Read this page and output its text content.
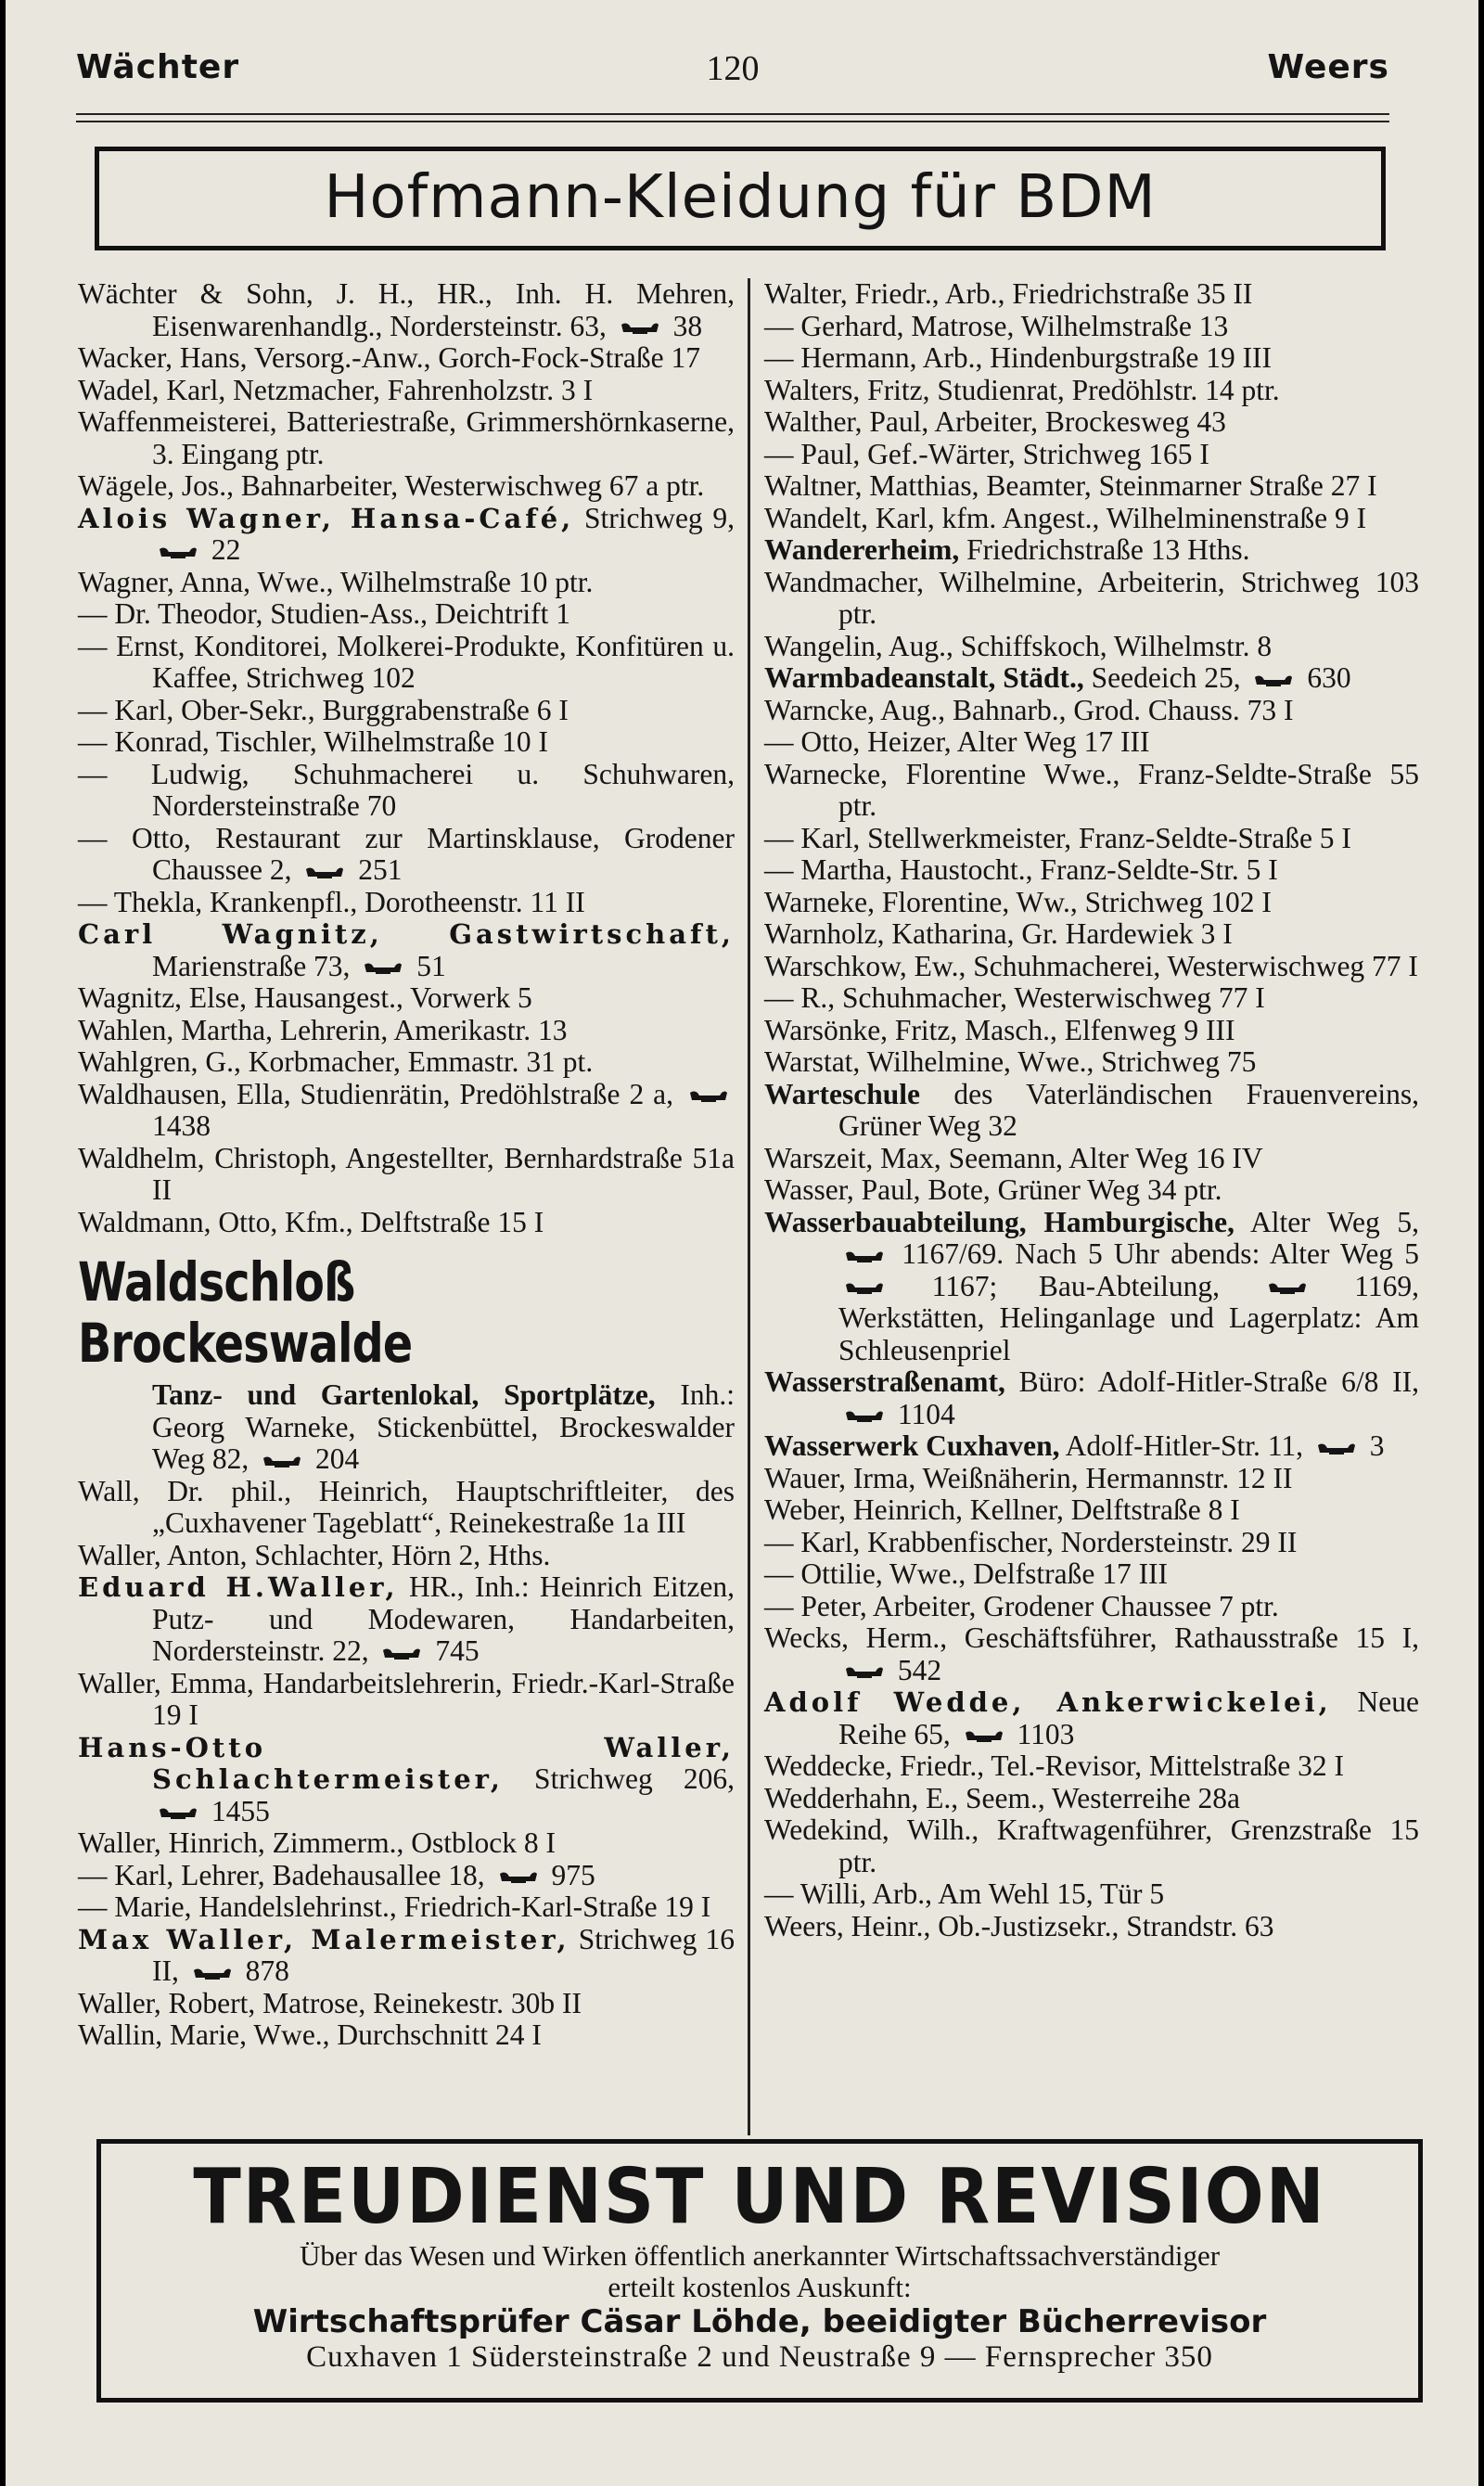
Wächter	120	Weers
Hofmann-Kleidung für BDM
Wächter & Sohn, J. H., HR., Inh. H. Mehren, Eisenwarenhandlg., Nordersteinstr. 63,  38
Wacker, Hans, Versorg.-Anw., Gorch-Fock-Straße 17
Wadel, Karl, Netzmacher, Fahrenholzstr. 3 I
Waffenmeisterei, Batteriestraße, Grimmershörnkaserne, 3. Eingang ptr.
Wägele, Jos., Bahnarbeiter, Westerwischweg 67 a ptr.
Alois Wagner, Hansa-Café, Strichweg 9,  22
Wagner, Anna, Wwe., Wilhelmstraße 10 ptr.
— Dr. Theodor, Studien-Ass., Deichtrift 1
— Ernst, Konditorei, Molkerei-Produkte, Konfitüren u. Kaffee, Strichweg 102
— Karl, Ober-Sekr., Burggrabenstraße 6 I
— Konrad, Tischler, Wilhelmstraße 10 I
— Ludwig, Schuhmacherei u. Schuhwaren, Nordersteinstraße 70
— Otto, Restaurant zur Martinsklause, Grodener Chaussee 2,  251
— Thekla, Krankenpfl., Dorotheenstr. 11 II
Carl Wagnitz, Gastwirtschaft, Marienstraße 73,  51
Wagnitz, Else, Hausangest., Vorwerk 5
Wahlen, Martha, Lehrerin, Amerikastr. 13
Wahlgren, G., Korbmacher, Emmastr. 31 pt.
Waldhausen, Ella, Studienrätin, Predöhlstraße 2 a,  1438
Waldhelm, Christoph, Angestellter, Bernhardstraße 51a II
Waldmann, Otto, Kfm., Delftstraße 15 I
Waldschloß Brockeswalde
Tanz- und Gartenlokal, Sportplätze, Inh.: Georg Warneke, Stickenbüttel, Brockeswalder Weg 82,  204
Wall, Dr. phil., Heinrich, Hauptschriftleiter, des „Cuxhavener Tageblatt“, Reinekestraße 1a III
Waller, Anton, Schlachter, Hörn 2, Hths.
Eduard H.Waller, HR., Inh.: Heinrich Eitzen, Putz- und Modewaren, Handarbeiten, Nordersteinstr. 22,  745
Waller, Emma, Handarbeitslehrerin, Friedr.-Karl-Straße 19 I
Hans-Otto Waller, Schlachtermeister, Strichweg 206,  1455
Waller, Hinrich, Zimmerm., Ostblock 8 I
— Karl, Lehrer, Badehausallee 18,  975
— Marie, Handelslehrinst., Friedrich-Karl-Straße 19 I
Max Waller, Malermeister, Strichweg 16 II,  878
Waller, Robert, Matrose, Reinekestr. 30b II
Wallin, Marie, Wwe., Durchschnitt 24 I
Walter, Friedr., Arb., Friedrichstraße 35 II
— Gerhard, Matrose, Wilhelmstraße 13
— Hermann, Arb., Hindenburgstraße 19 III
Walters, Fritz, Studienrat, Predöhlstr. 14 ptr.
Walther, Paul, Arbeiter, Brockesweg 43
— Paul, Gef.-Wärter, Strichweg 165 I
Waltner, Matthias, Beamter, Steinmarner Straße 27 I
Wandelt, Karl, kfm. Angest., Wilhelminenstraße 9 I
Wandererheim, Friedrichstraße 13 Hths.
Wandmacher, Wilhelmine, Arbeiterin, Strichweg 103 ptr.
Wangelin, Aug., Schiffskoch, Wilhelmstr. 8
Warmbadeanstalt, Städt., Seedeich 25,  630
Warncke, Aug., Bahnarb., Grod. Chauss. 73 I
— Otto, Heizer, Alter Weg 17 III
Warnecke, Florentine Wwe., Franz-Seldte-Straße 55 ptr.
— Karl, Stellwerkmeister, Franz-Seldte-Straße 5 I
— Martha, Haustocht., Franz-Seldte-Str. 5 I
Warneke, Florentine, Ww., Strichweg 102 I
Warnholz, Katharina, Gr. Hardewiek 3 I
Warschkow, Ew., Schuhmacherei, Westerwischweg 77 I
— R., Schuhmacher, Westerwischweg 77 I
Warsönke, Fritz, Masch., Elfenweg 9 III
Warstat, Wilhelmine, Wwe., Strichweg 75
Warteschule des Vaterländischen Frauenvereins, Grüner Weg 32
Warszeit, Max, Seemann, Alter Weg 16 IV
Wasser, Paul, Bote, Grüner Weg 34 ptr.
Wasserbauabteilung, Hamburgische, Alter Weg 5,  1167/69. Nach 5 Uhr abends: Alter Weg 5  1167; Bau-Abteilung,  1169, Werkstätten, Helinganlage und Lagerplatz: Am Schleusenpriel
Wasserstraßenamt, Büro: Adolf-Hitler-Straße 6/8 II,  1104
Wasserwerk Cuxhaven, Adolf-Hitler-Str. 11,  3
Wauer, Irma, Weißnäherin, Hermannstr. 12 II
Weber, Heinrich, Kellner, Delftstraße 8 I
— Karl, Krabbenfischer, Nordersteinstr. 29 II
— Ottilie, Wwe., Delfstraße 17 III
— Peter, Arbeiter, Grodener Chaussee 7 ptr.
Wecks, Herm., Geschäftsführer, Rathausstraße 15 I,  542
Adolf Wedde, Ankerwickelei, Neue Reihe 65,  1103
Weddecke, Friedr., Tel.-Revisor, Mittelstraße 32 I
Wedderhahn, E., Seem., Westerreihe 28a
Wedekind, Wilh., Kraftwagenführer, Grenzstraße 15 ptr.
— Willi, Arb., Am Wehl 15, Tür 5
Weers, Heinr., Ob.-Justizsekr., Strandstr. 63
TREUDIENST UND REVISION
Über das Wesen und Wirken öffentlich anerkannter Wirtschaftssachverständiger
erteilt kostenlos Auskunft:
Wirtschaftsprüfer Cäsar Löhde, beeidigter Bücherrevisor
Cuxhaven 1 Südersteinstraße 2 und Neustraße 9 — Fernsprecher 350
